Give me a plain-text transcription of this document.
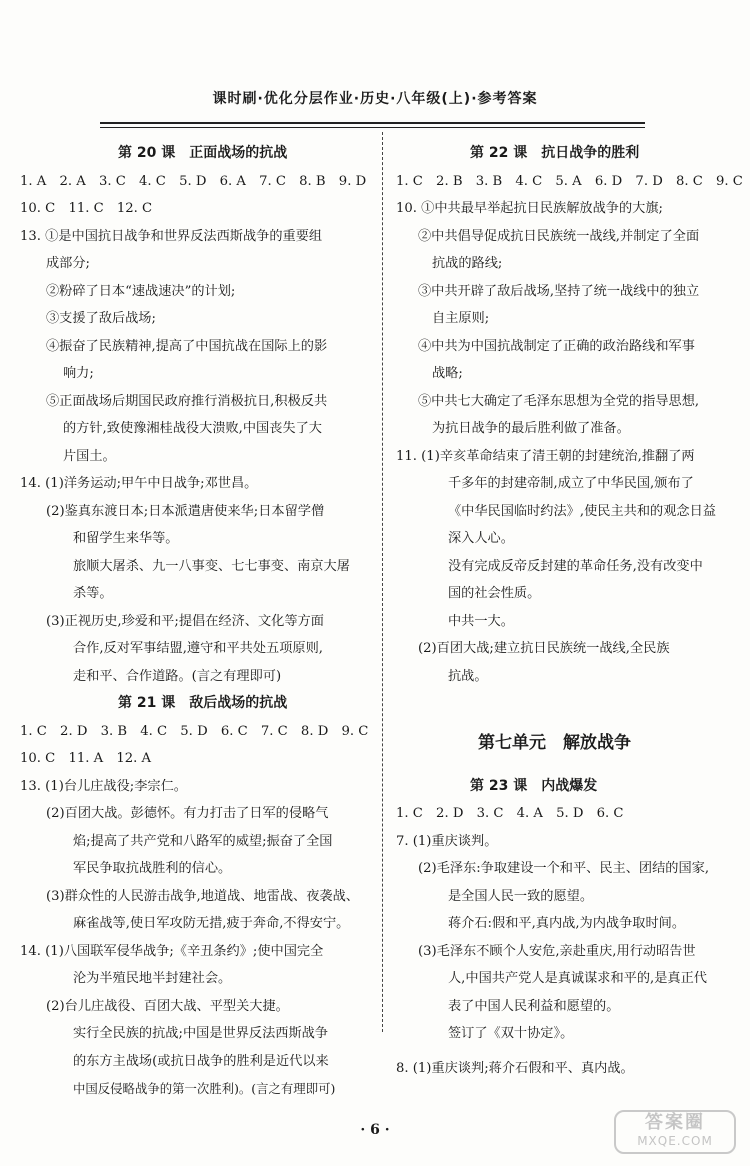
课时刷·优化分层作业·历史·八年级(上)·参考答案
第 20 课　正面战场的抗战
1. A　2. A　3. C　4. C　5. D　6. A　7. C　8. B　9. D
10. C　11. C　12. C
13. ①是中国抗日战争和世界反法西斯战争的重要组
成部分;
②粉碎了日本“速战速决”的计划;
③支援了敌后战场;
④振奋了民族精神,提高了中国抗战在国际上的影
响力;
⑤正面战场后期国民政府推行消极抗日,积极反共
的方针,致使豫湘桂战役大溃败,中国丧失了大
片国土。
14. (1)洋务运动;甲午中日战争;邓世昌。
(2)鉴真东渡日本;日本派遣唐使来华;日本留学僧
和留学生来华等。
旅顺大屠杀、九一八事变、七七事变、南京大屠
杀等。
(3)正视历史,珍爱和平;提倡在经济、文化等方面
合作,反对军事结盟,遵守和平共处五项原则,
走和平、合作道路。(言之有理即可)
第 21 课　敌后战场的抗战
1. C　2. D　3. B　4. C　5. D　6. C　7. C　8. D　9. C
10. C　11. A　12. A
13. (1)台儿庄战役;李宗仁。
(2)百团大战。彭德怀。有力打击了日军的侵略气
焰;提高了共产党和八路军的威望;振奋了全国
军民争取抗战胜利的信心。
(3)群众性的人民游击战争,地道战、地雷战、夜袭战、
麻雀战等,使日军攻防无措,疲于奔命,不得安宁。
14. (1)八国联军侵华战争;《辛丑条约》;使中国完全
沦为半殖民地半封建社会。
(2)台儿庄战役、百团大战、平型关大捷。
实行全民族的抗战;中国是世界反法西斯战争
的东方主战场(或抗日战争的胜利是近代以来
中国反侵略战争的第一次胜利)。(言之有理即可)
第 22 课　抗日战争的胜利
1. C　2. B　3. B　4. C　5. A　6. D　7. D　8. C　9. C
10. ①中共最早举起抗日民族解放战争的大旗;
②中共倡导促成抗日民族统一战线,并制定了全面
抗战的路线;
③中共开辟了敌后战场,坚持了统一战线中的独立
自主原则;
④中共为中国抗战制定了正确的政治路线和军事
战略;
⑤中共七大确定了毛泽东思想为全党的指导思想,
为抗日战争的最后胜利做了准备。
11. (1)辛亥革命结束了清王朝的封建统治,推翻了两
千多年的封建帝制,成立了中华民国,颁布了
《中华民国临时约法》,使民主共和的观念日益
深入人心。
没有完成反帝反封建的革命任务,没有改变中
国的社会性质。
中共一大。
(2)百团大战;建立抗日民族统一战线,全民族
抗战。
第七单元　解放战争
第 23 课　内战爆发
1. C　2. D　3. C　4. A　5. D　6. C
7. (1)重庆谈判。
(2)毛泽东:争取建设一个和平、民主、团结的国家,
是全国人民一致的愿望。
蒋介石:假和平,真内战,为内战争取时间。
(3)毛泽东不顾个人安危,亲赴重庆,用行动昭告世
人,中国共产党人是真诚谋求和平的,是真正代
表了中国人民利益和愿望的。
签订了《双十协定》。
8. (1)重庆谈判;蒋介石假和平、真内战。
· 6 ·	答案圈
MXQE.COM
